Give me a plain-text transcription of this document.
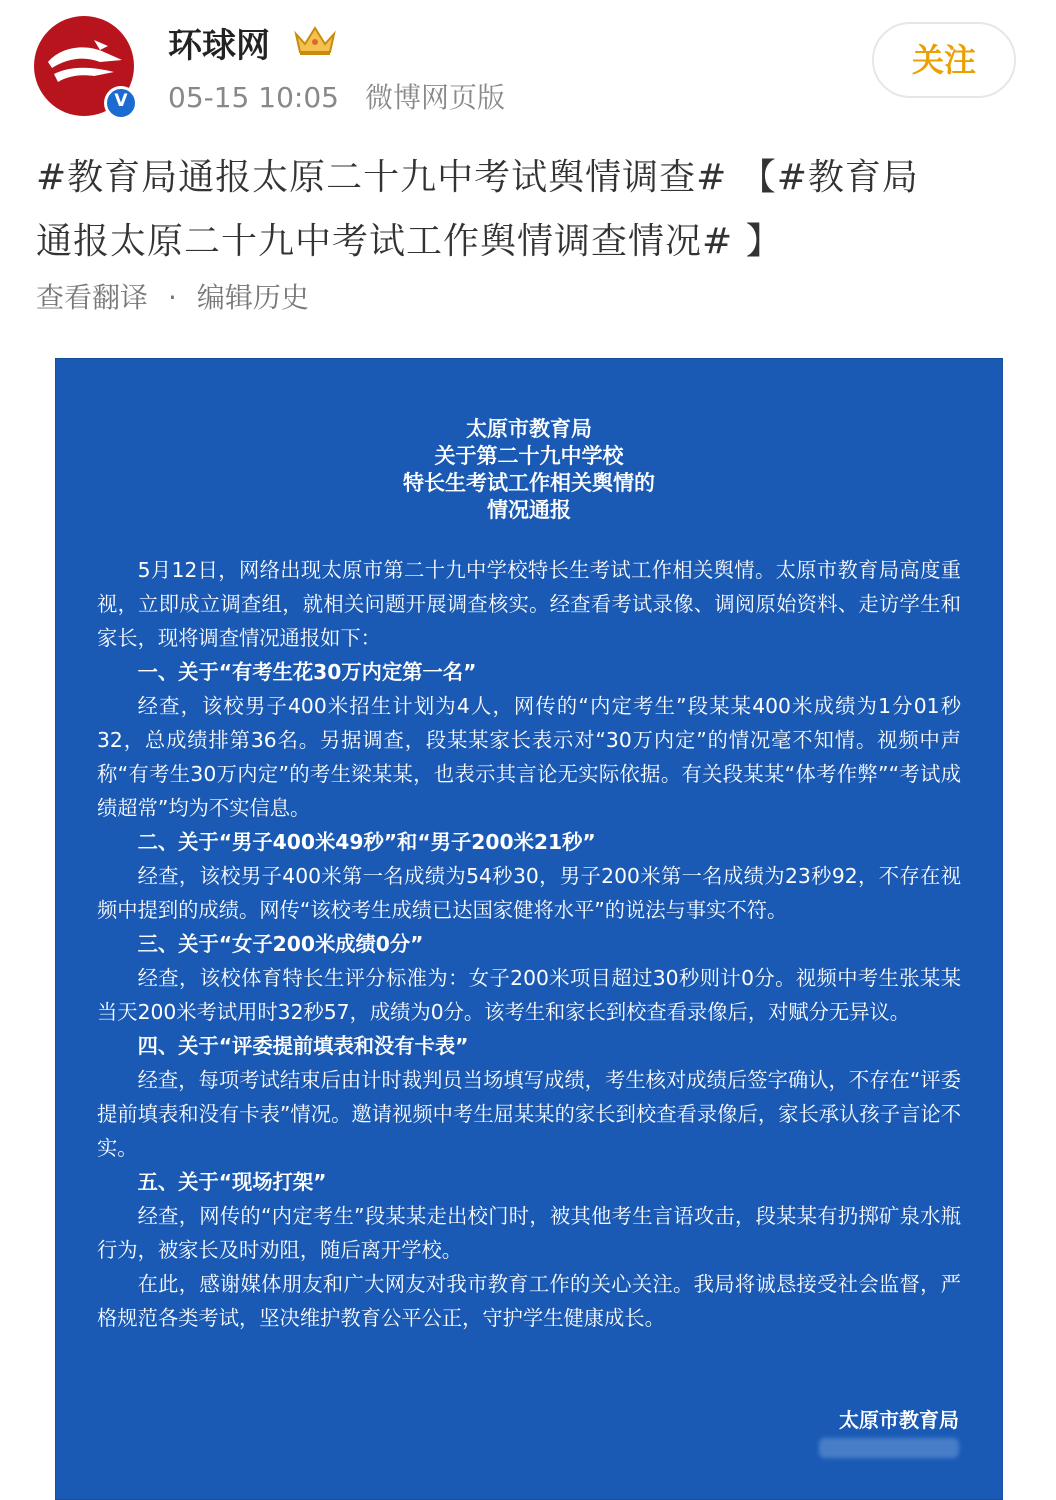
V
环球网
05-15 10:05 微博网页版
关注
#教育局通报太原二十九中考试舆情调查# 【#教育局
通报太原二十九中考试工作舆情调查情况# 】
查看翻译 · 编辑历史
太原市教育局
关于第二十九中学校
特长生考试工作相关舆情的
情况通报

5月12日，网络出现太原市第二十九中学校特长生考试工作相关舆情。太原市教育局高度重视，立即成立调查组，就相关问题开展调查核实。经查看考试录像、调阅原始资料、走访学生和家长，现将调查情况通报如下：

一、关于“有考生花30万内定第一名”

经查，该校男子400米招生计划为4人，网传的“内定考生”段某某400米成绩为1分01秒32，总成绩排第36名。另据调查，段某某家长表示对“30万内定”的情况毫不知情。视频中声称“有考生30万内定”的考生梁某某，也表示其言论无实际依据。有关段某某“体考作弊”“考试成绩超常”均为不实信息。

二、关于“男子400米49秒”和“男子200米21秒”

经查，该校男子400米第一名成绩为54秒30，男子200米第一名成绩为23秒92，不存在视频中提到的成绩。网传“该校考生成绩已达国家健将水平”的说法与事实不符。

三、关于“女子200米成绩0分”

经查，该校体育特长生评分标准为：女子200米项目超过30秒则计0分。视频中考生张某某当天200米考试用时32秒57，成绩为0分。该考生和家长到校查看录像后，对赋分无异议。

四、关于“评委提前填表和没有卡表”

经查，每项考试结束后由计时裁判员当场填写成绩，考生核对成绩后签字确认，不存在“评委提前填表和没有卡表”情况。邀请视频中考生屈某某的家长到校查看录像后，家长承认孩子言论不实。

五、关于“现场打架”

经查，网传的“内定考生”段某某走出校门时，被其他考生言语攻击，段某某有扔掷矿泉水瓶行为，被家长及时劝阻，随后离开学校。

在此，感谢媒体朋友和广大网友对我市教育工作的关心关注。我局将诚恳接受社会监督，严格规范各类考试，坚决维护教育公平公正，守护学生健康成长。

太原市教育局
